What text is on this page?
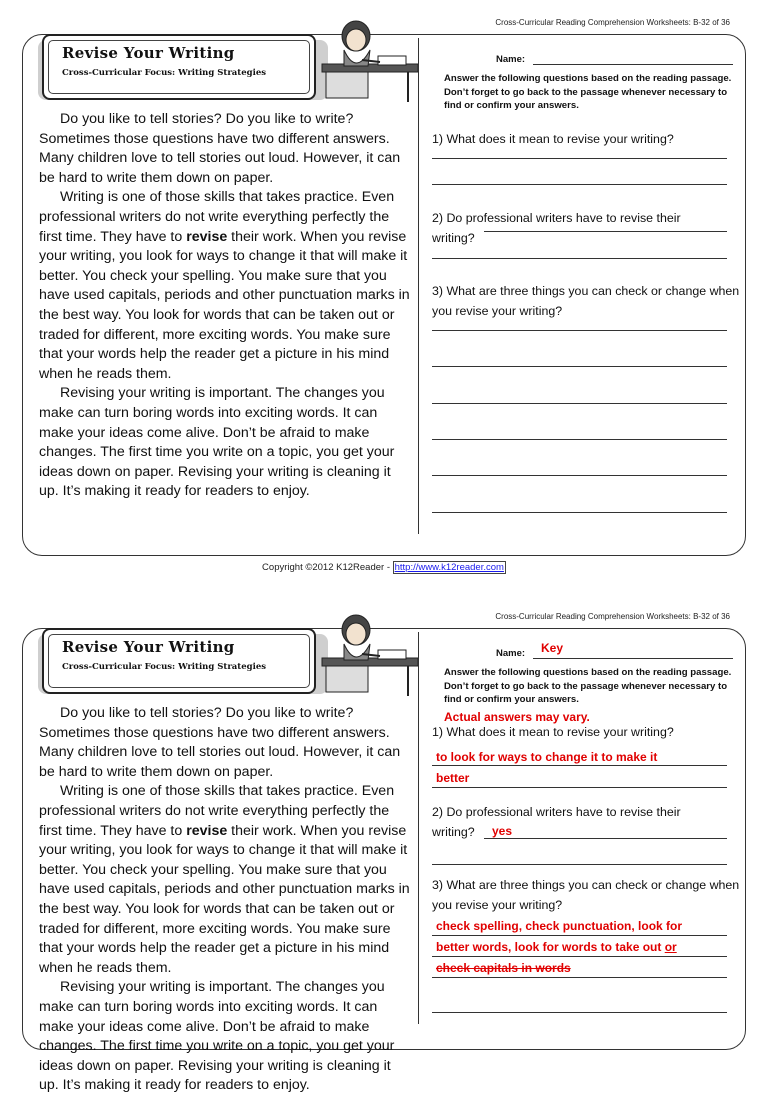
Cross-Curricular Reading Comprehension Worksheets: B-32 of 36
Revise Your Writing
Cross-Curricular Focus: Writing Strategies

Do you like to tell stories? Do you like to write? Sometimes those questions have two different answers. Many children love to tell stories out loud. However, it can be hard to write them down on paper.

Writing is one of those skills that takes practice. Even professional writers do not write everything perfectly the first time. They have to revise their work. When you revise your writing, you look for ways to change it that will make it better. You check your spelling. You make sure that you have used capitals, periods and other punctuation marks in the best way. You look for words that can be taken out or traded for different, more exciting words. You make sure that your words help the reader get a picture in his mind when he reads them.

Revising your writing is important. The changes you make can turn boring words into exciting words. It can make your ideas come alive. Don’t be afraid to make changes. The first time you write on a topic, you get your ideas down on paper. Revising your writing is cleaning it up. It’s making it ready for readers to enjoy.

Name:
Answer the following questions based on the reading passage. Don’t forget to go back to the passage whenever necessary to find or confirm your answers.
1) What does it mean to revise your writing?
2) Do professional writers have to revise their writing?
3) What are three things you can check or change when you revise your writing?
Copyright ©2012 K12Reader - http://www.k12reader.com
Cross-Curricular Reading Comprehension Worksheets: B-32 of 36
Revise Your Writing
Cross-Curricular Focus: Writing Strategies

Do you like to tell stories? Do you like to write? Sometimes those questions have two different answers. Many children love to tell stories out loud. However, it can be hard to write them down on paper.

Writing is one of those skills that takes practice. Even professional writers do not write everything perfectly the first time. They have to revise their work. When you revise your writing, you look for ways to change it that will make it better. You check your spelling. You make sure that you have used capitals, periods and other punctuation marks in the best way. You look for words that can be taken out or traded for different, more exciting words. You make sure that your words help the reader get a picture in his mind when he reads them.

Revising your writing is important. The changes you make can turn boring words into exciting words. It can make your ideas come alive. Don’t be afraid to make changes. The first time you write on a topic, you get your ideas down on paper. Revising your writing is cleaning it up. It’s making it ready for readers to enjoy.

Name: Key
Answer the following questions based on the reading passage. Don’t forget to go back to the passage whenever necessary to find or confirm your answers.
Actual answers may vary.
1) What does it mean to revise your writing?
to look for ways to change it to make it
better
2) Do professional writers have to revise their writing?	yes
3) What are three things you can check or change when you revise your writing?
check spelling, check punctuation, look for
better words, look for words to take out or
check capitals in words
